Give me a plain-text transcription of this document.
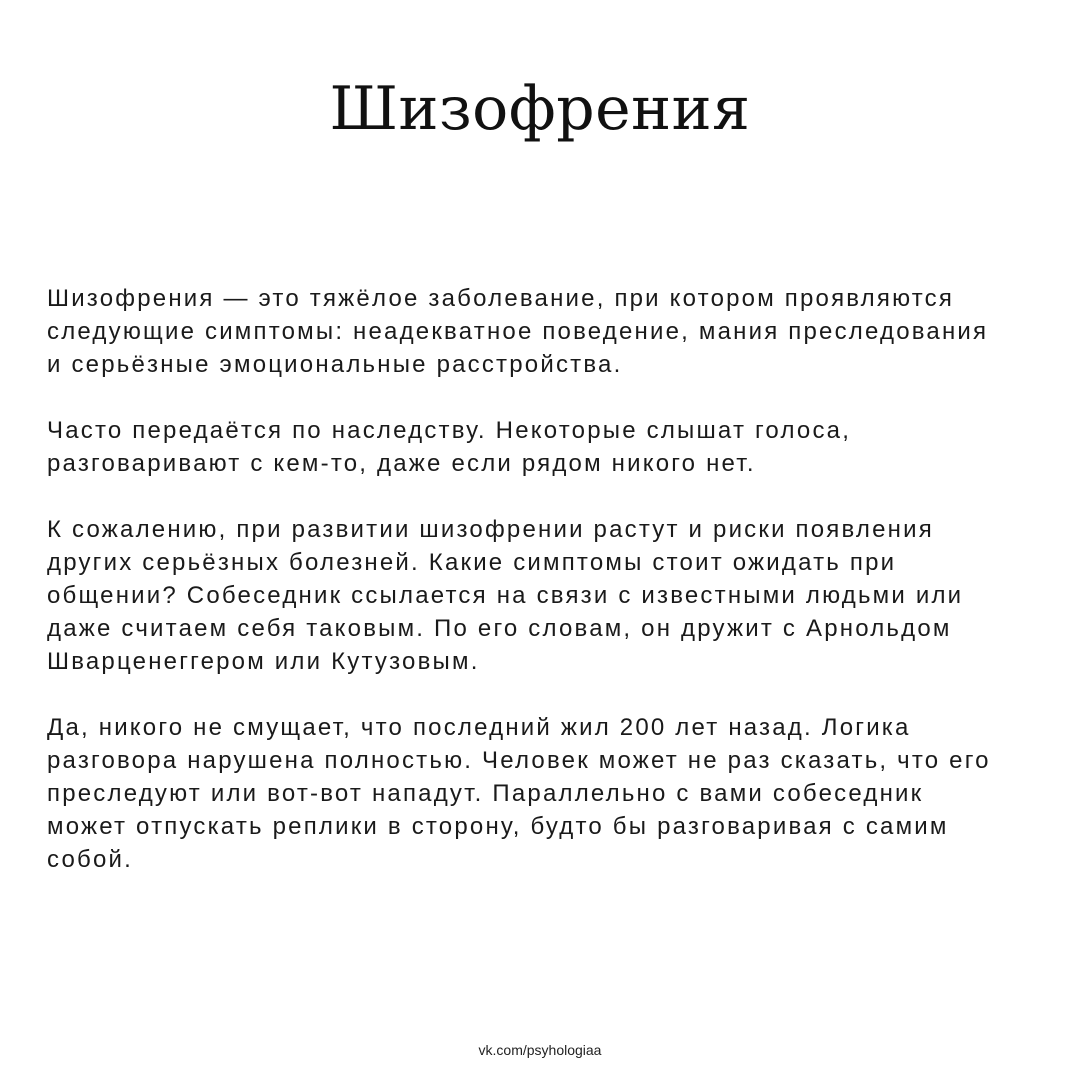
Шизофрения

Шизофрения — это тяжёлое заболевание, при котором проявляются
следующие симптомы: неадекватное поведение, мания преследования
и серьёзные эмоциональные расстройства.

Часто передаётся по наследству. Некоторые слышат голоса,
разговаривают с кем-то, даже если рядом никого нет.

К сожалению, при развитии шизофрении растут и риски появления
других серьёзных болезней. Какие симптомы стоит ожидать при
общении? Собеседник ссылается на связи с известными людьми или
даже считаем себя таковым. По его словам, он дружит с Арнольдом
Шварценеггером или Кутузовым.

Да, никого не смущает, что последний жил 200 лет назад. Логика
разговора нарушена полностью. Человек может не раз сказать, что его
преследуют или вот-вот нападут. Параллельно с вами собеседник
может отпускать реплики в сторону, будто бы разговаривая с самим
собой.

vk.com/psyhologiaa
